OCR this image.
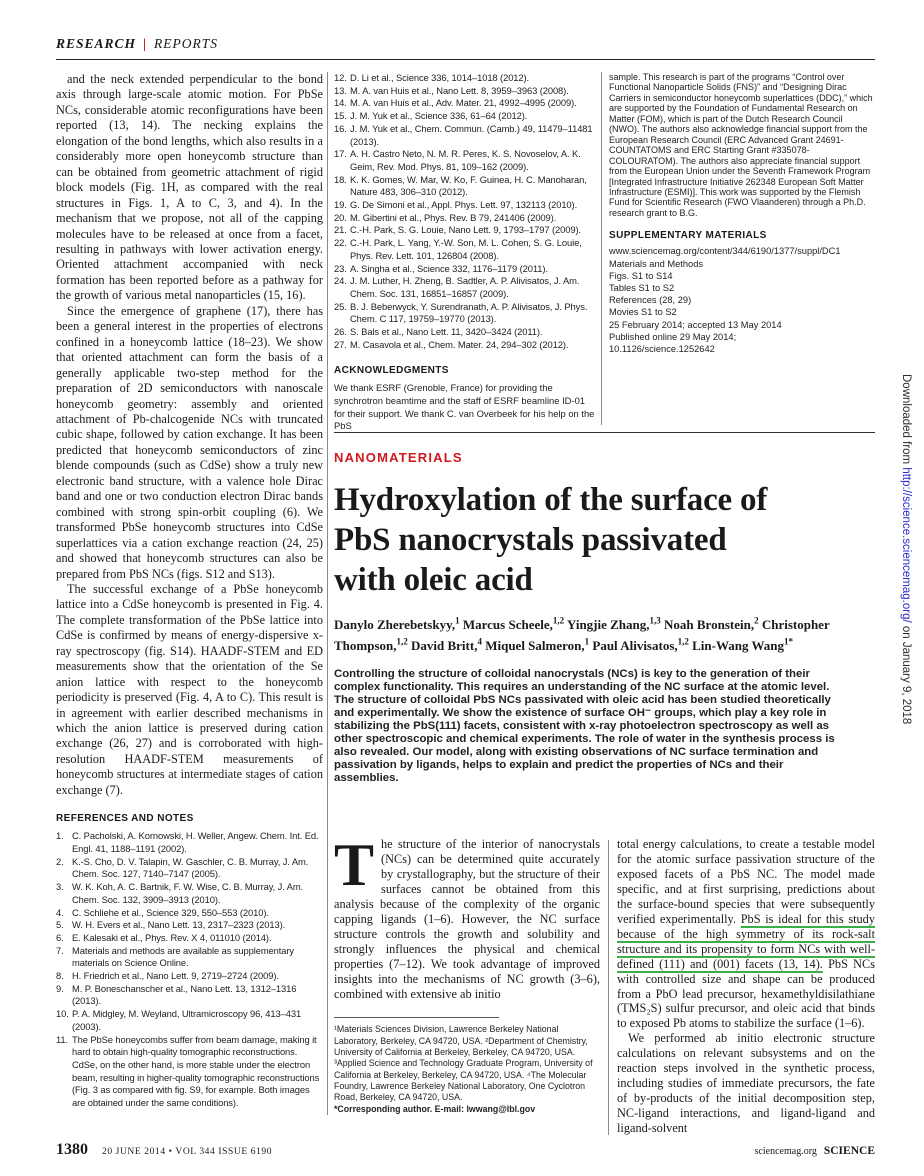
RESEARCH | REPORTS

and the neck extended perpendicular to the bond axis through large-scale atomic motion. For PbSe NCs, considerable atomic reconfigurations have been reported (13, 14). The necking explains the elongation of the bond lengths, which also results in a considerably more open honeycomb structure than can be obtained from geometric attachment of rigid block models (Fig. 1H, as compared with the real structures in Figs. 1, A to C, 3, and 4). In the mechanism that we propose, not all of the capping molecules have to be released at once from a facet, resulting in pathways with lower activation energy. Oriented attachment accompanied with neck formation has been reported before as a pathway for the growth of various metal nanoparticles (15, 16).

Since the emergence of graphene (17), there has been a general interest in the properties of electrons confined in a honeycomb lattice (18–23). We show that oriented attachment can form the basis of a generally applicable two-step method for the preparation of 2D semiconductors with nanoscale honeycomb geometry: assembly and oriented attachment of Pb-chalcogenide NCs with truncated cubic shape, followed by cation exchange. It has been predicted that honeycomb semiconductors of zinc blende compounds (such as CdSe) show a truly new electronic band structure, with a valence hole Dirac band and one or two conduction electron Dirac bands combined with strong spin-orbit coupling (6). We transformed PbSe honeycomb structures into CdSe superlattices via a cation exchange reaction (24, 25) and showed that honeycomb structures can also be prepared from PbS NCs (figs. S12 and S13).

The successful exchange of a PbSe honeycomb lattice into a CdSe honeycomb is presented in Fig. 4. The complete transformation of the PbSe lattice into CdSe is confirmed by means of energy-dispersive x-ray spectroscopy (fig. S14). HAADF-STEM and ED measurements show that the orientation of the Se anion lattice with respect to the honeycomb periodicity is preserved (Fig. 4, A to C). This result is in agreement with earlier described mechanisms in which the anion lattice is preserved during cation exchange (26, 27) and is corroborated with high-resolution HAADF-STEM measurements of honeycomb structures at intermediate stages of cation exchange (7).

REFERENCES AND NOTES
1. C. Pacholski, A. Kornowski, H. Weller, Angew. Chem. Int. Ed. Engl. 41, 1188–1191 (2002).
2. K.-S. Cho, D. V. Talapin, W. Gaschler, C. B. Murray, J. Am. Chem. Soc. 127, 7140–7147 (2005).
3. W. K. Koh, A. C. Bartnik, F. W. Wise, C. B. Murray, J. Am. Chem. Soc. 132, 3909–3913 (2010).
4. C. Schliehe et al., Science 329, 550–553 (2010).
5. W. H. Evers et al., Nano Lett. 13, 2317–2323 (2013).
6. E. Kalesaki et al., Phys. Rev. X 4, 011010 (2014).
7. Materials and methods are available as supplementary materials on Science Online.
8. H. Friedrich et al., Nano Lett. 9, 2719–2724 (2009).
9. M. P. Boneschanscher et al., Nano Lett. 13, 1312–1316 (2013).
10. P. A. Midgley, M. Weyland, Ultramicroscopy 96, 413–431 (2003).
11. The PbSe honeycombs suffer from beam damage, making it hard to obtain high-quality tomographic reconstructions. CdSe, on the other hand, is more stable under the electron beam, resulting in higher-quality tomographic reconstructions (Fig. 3 as compared with fig. S9, for example. Both images are obtained under the same conditions).
12. D. Li et al., Science 336, 1014–1018 (2012).
13. M. A. van Huis et al., Nano Lett. 8, 3959–3963 (2008).
14. M. A. van Huis et al., Adv. Mater. 21, 4992–4995 (2009).
15. J. M. Yuk et al., Science 336, 61–64 (2012).
16. J. M. Yuk et al., Chem. Commun. (Camb.) 49, 11479–11481 (2013).
17. A. H. Castro Neto, N. M. R. Peres, K. S. Novoselov, A. K. Geim, Rev. Mod. Phys. 81, 109–162 (2009).
18. K. K. Gomes, W. Mar, W. Ko, F. Guinea, H. C. Manoharan, Nature 483, 306–310 (2012).
19. G. De Simoni et al., Appl. Phys. Lett. 97, 132113 (2010).
20. M. Gibertini et al., Phys. Rev. B 79, 241406 (2009).
21. C.-H. Park, S. G. Louie, Nano Lett. 9, 1793–1797 (2009).
22. C.-H. Park, L. Yang, Y.-W. Son, M. L. Cohen, S. G. Louie, Phys. Rev. Lett. 101, 126804 (2008).
23. A. Singha et al., Science 332, 1176–1179 (2011).
24. J. M. Luther, H. Zheng, B. Sadtler, A. P. Alivisatos, J. Am. Chem. Soc. 131, 16851–16857 (2009).
25. B. J. Beberwyck, Y. Surendranath, A. P. Alivisatos, J. Phys. Chem. C 117, 19759–19770 (2013).
26. S. Bals et al., Nano Lett. 11, 3420–3424 (2011).
27. M. Casavola et al., Chem. Mater. 24, 294–302 (2012).
ACKNOWLEDGMENTS
We thank ESRF (Grenoble, France) for providing the synchrotron beamtime and the staff of ESRF beamline ID-01 for their support. We thank C. van Overbeek for his help on the PbS
sample. This research is part of the programs “Control over Functional Nanoparticle Solids (FNS)” and “Designing Dirac Carriers in semiconductor honeycomb superlattices (DDC),” which are supported by the Foundation of Fundamental Research on Matter (FOM), which is part of the Dutch Research Council (NWO). The authors also acknowledge financial support from the European Research Council (ERC Advanced Grant 24691-COUNTATOMS and ERC Starting Grant #335078-COLOURATOM). The authors also appreciate financial support from the European Union under the Seventh Framework Program [Integrated Infrastructure Initiative 262348 European Soft Matter Infrastructure (ESMI)]. This work was supported by the Flemish Fund for Scientific Research (FWO Vlaanderen) through a Ph.D. research grant to B.G.
SUPPLEMENTARY MATERIALS
www.sciencemag.org/content/344/6190/1377/suppl/DC1
Materials and Methods
Figs. S1 to S14
Tables S1 to S2
References (28, 29)
Movies S1 to S2
25 February 2014; accepted 13 May 2014
Published online 29 May 2014;
10.1126/science.1252642
NANOMATERIALS
Hydroxylation of the surface of
PbS nanocrystals passivated
with oleic acid
Danylo Zherebetskyy,$^1$ Marcus Scheele,$^{1,2}$ Yingjie Zhang,$^{1,3}$ Noah Bronstein,$^2$ Christopher Thompson,$^{1,2}$ David Britt,$^4$ Miquel Salmeron,$^1$ Paul Alivisatos,$^{1,2}$ Lin-Wang Wang$^{1*}$
Controlling the structure of colloidal nanocrystals (NCs) is key to the generation of their complex functionality. This requires an understanding of the NC surface at the atomic level. The structure of colloidal PbS NCs passivated with oleic acid has been studied theoretically and experimentally. We show the existence of surface OH⁻ groups, which play a key role in stabilizing the PbS(111) facets, consistent with x-ray photoelectron spectroscopy as well as other spectroscopic and chemical experiments. The role of water in the synthesis process is also revealed. Our model, along with existing observations of NC surface termination and passivation by ligands, helps to explain and predict the properties of NCs and their assemblies.

The structure of the interior of nanocrystals (NCs) can be determined quite accurately by crystallography, but the structure of their surfaces cannot be obtained from this analysis because of the complexity of the organic capping ligands (1–6). However, the NC surface structure controls the growth and solubility and strongly influences the physical and chemical properties (7–12). We took advantage of improved insights into the mechanisms of NC growth (3–6), combined with extensive ab initio

¹Materials Sciences Division, Lawrence Berkeley National Laboratory, Berkeley, CA 94720, USA. ²Department of Chemistry, University of California at Berkeley, Berkeley, CA 94720, USA. ³Applied Science and Technology Graduate Program, University of California at Berkeley, Berkeley, CA 94720, USA. ⁴The Molecular Foundry, Lawrence Berkeley National Laboratory, One Cyclotron Road, Berkeley, CA 94720, USA.
*Corresponding author. E-mail: lwwang@lbl.gov

total energy calculations, to create a testable model for the atomic surface passivation structure of the exposed facets of a PbS NC. The model made specific, and at first surprising, predictions about the surface-bound species that were subsequently verified experimentally. PbS is ideal for this study because of the high symmetry of its rock-salt structure and its propensity to form NCs with well-defined (111) and (001) facets (13, 14). PbS NCs with controlled size and shape can be produced from a PbO lead precursor, hexamethyldisilathiane (TMS₂S) sulfur precursor, and oleic acid that binds to exposed Pb atoms to stabilize the surface (1–6).

We performed ab initio electronic structure calculations on relevant subsystems and on the reaction steps involved in the synthetic process, including studies of immediate precursors, the fate of by-products of the initial decomposition step, NC-ligand interactions, and ligand-ligand and ligand-solvent

1380 20 JUNE 2014 • VOL 344 ISSUE 6190	sciencemag.org SCIENCE
Downloaded from http://science.sciencemag.org/ on January 9, 2018
